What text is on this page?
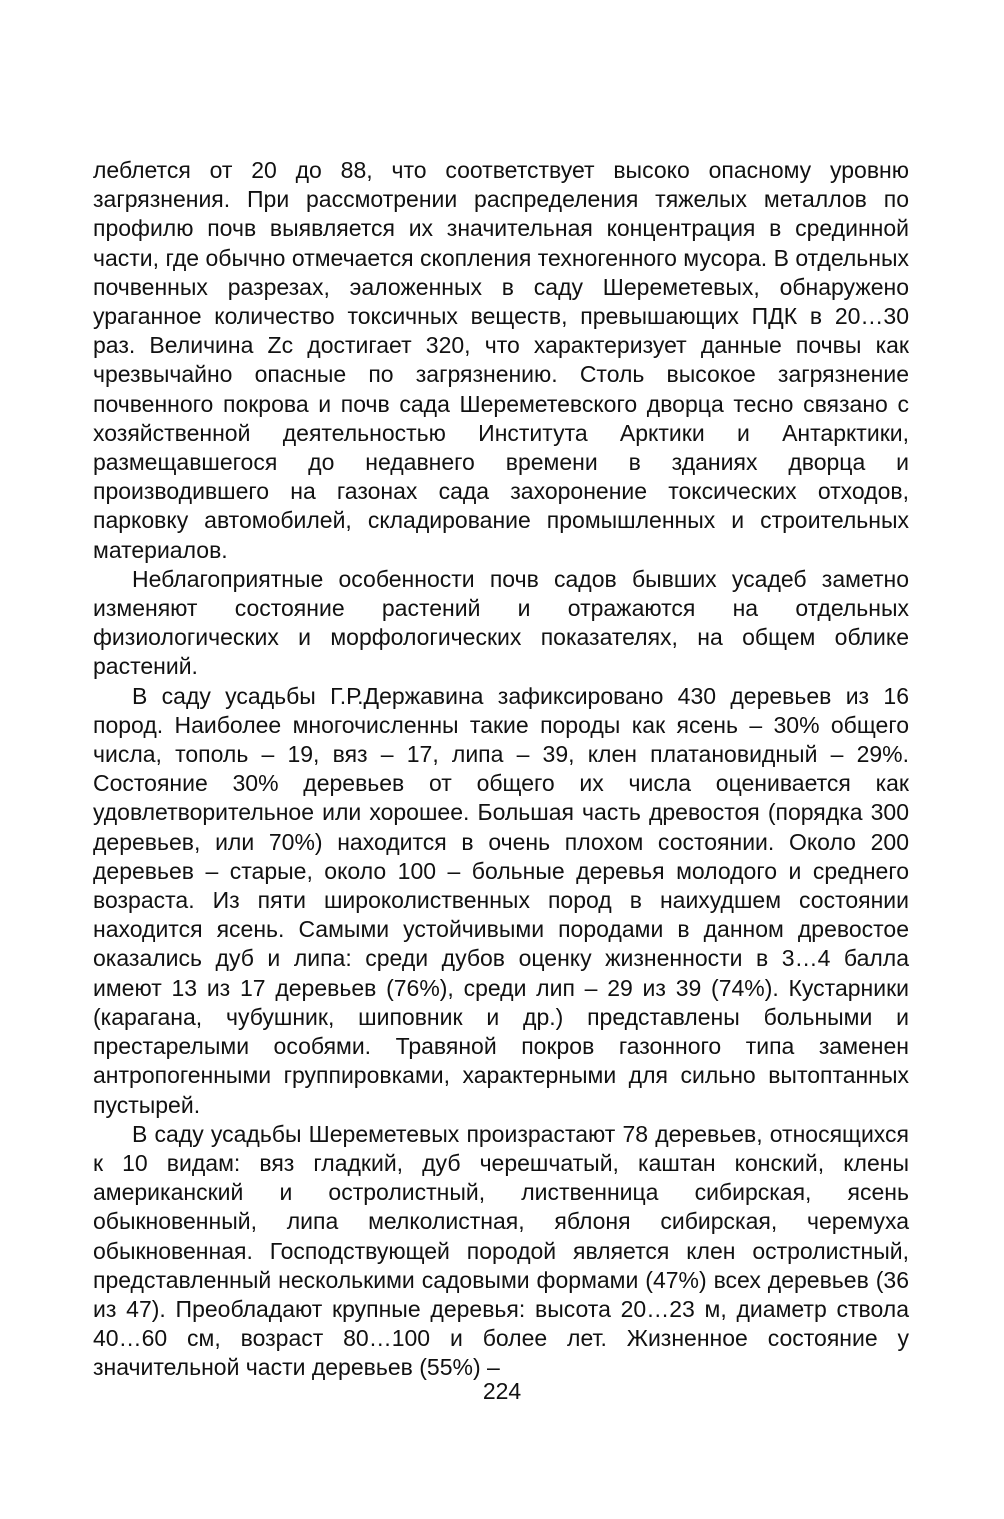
леблется от 20 до 88, что соответствует высоко опасному уровню загрязнения. При рассмотрении распределения тяжелых металлов по профилю почв выявляется их значительная концентрация в срединной части, где обычно отмечается скопления техногенного мусора. В отдельных почвенных разрезах, эаложенных в саду Шереметевых, обнаружено ураганное количество токсичных веществ, превышающих ПДК в 20…30 раз. Величина Zc достигает 320, что характеризует данные почвы как чрезвычайно опасные по загрязнению. Столь высокое загрязнение почвенного покрова и почв сада Шереметевского дворца тесно связано с хозяйственной деятельностью Института Арктики и Антарктики, размещавшегося до недавнего времени в зданиях дворца и производившего на газонах сада захоронение токсических отходов, парковку автомобилей, складирование промышленных и строительных материалов.

Неблагоприятные особенности почв садов бывших усадеб заметно изменяют состояние растений и отражаются на отдельных физиологических и морфологических показателях, на общем облике растений.

В саду усадьбы Г.Р.Державина зафиксировано 430 деревьев из 16 пород. Наиболее многочисленны такие породы как ясень – 30% общего числа, тополь – 19, вяз – 17, липа – 39, клен платановидный – 29%. Состояние 30% деревьев от общего их числа оценивается как удовлетворительное или хорошее. Большая часть древостоя (порядка 300 деревьев, или 70%) находится в очень плохом состоянии. Около 200 деревьев – старые, около 100 – больные деревья молодого и среднего возраста. Из пяти широколиственных пород в наихудшем состоянии находится ясень. Самыми устойчивыми породами в данном древостое оказались дуб и липа: среди дубов оценку жизненности в 3…4 балла имеют 13 из 17 деревьев (76%), среди лип – 29 из 39 (74%). Кустарники (карагана, чубушник, шиповник и др.) представлены больными и престарелыми особями. Травяной покров газонного типа заменен антропогенными группировками, характерными для сильно вытоптанных пустырей.

В саду усадьбы Шереметевых произрастают 78 деревьев, относящихся к 10 видам: вяз гладкий, дуб черешчатый, каштан конский, клены американский и остролистный, лиственница сибирская, ясень обыкновенный, липа мелколистная, яблоня сибирская, черемуха обыкновенная. Господствующей породой является клен остролистный, представленный несколькими садовыми формами (47%) всех деревьев (36 из 47). Преобладают крупные деревья: высота 20…23 м, диаметр ствола 40…60 см, возраст 80…100 и более лет. Жизненное состояние у значительной части деревьев (55%) –

224
